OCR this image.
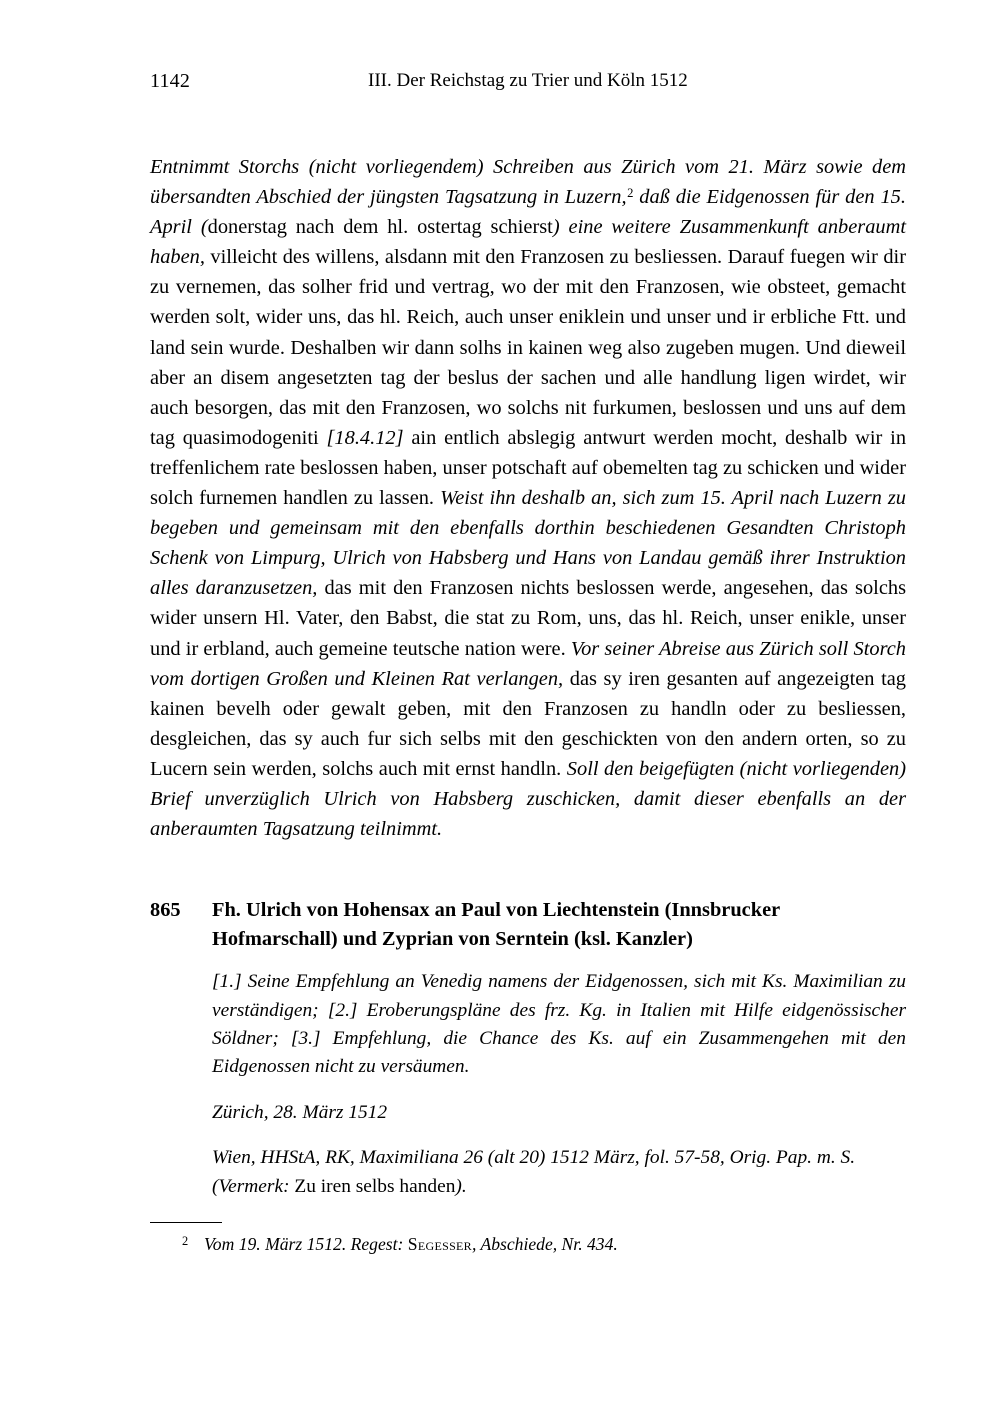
1142	III. Der Reichstag zu Trier und Köln 1512
Entnimmt Storchs (nicht vorliegendem) Schreiben aus Zürich vom 21. März sowie dem übersandten Abschied der jüngsten Tagsatzung in Luzern,$^2$ daß die Eidgenossen für den 15. April (donerstag nach dem hl. ostertag schierst) eine weitere Zusammenkunft anberaumt haben, villeicht des willens, alsdann mit den Franzosen zu besliessen. Darauf fuegen wir dir zu vernemen, das solher frid und vertrag, wo der mit den Franzosen, wie obsteet, gemacht werden solt, wider uns, das hl. Reich, auch unser eniklein und unser und ir erbliche Ftt. und land sein wurde. Deshalben wir dann solhs in kainen weg also zugeben mugen. Und dieweil aber an disem angesetzten tag der beslus der sachen und alle handlung ligen wirdet, wir auch besorgen, das mit den Franzosen, wo solchs nit furkumen, beslossen und uns auf dem tag quasimodogeniti [18.4.12] ain entlich abslegig antwurt werden mocht, deshalb wir in treffenlichem rate beslossen haben, unser potschaft auf obemelten tag zu schicken und wider solch furnemen handlen zu lassen. Weist ihn deshalb an, sich zum 15. April nach Luzern zu begeben und gemeinsam mit den ebenfalls dorthin beschiedenen Gesandten Christoph Schenk von Limpurg, Ulrich von Habsberg und Hans von Landau gemäß ihrer Instruktion alles daranzusetzen, das mit den Franzosen nichts beslossen werde, angesehen, das solchs wider unsern Hl. Vater, den Babst, die stat zu Rom, uns, das hl. Reich, unser enikle, unser und ir erbland, auch gemeine teutsche nation were. Vor seiner Abreise aus Zürich soll Storch vom dortigen Großen und Kleinen Rat verlangen, das sy iren gesanten auf angezeigten tag kainen bevelh oder gewalt geben, mit den Franzosen zu handln oder zu besliessen, desgleichen, das sy auch fur sich selbs mit den geschickten von den andern orten, so zu Lucern sein werden, solchs auch mit ernst handln. Soll den beigefügten (nicht vorliegenden) Brief unverzüglich Ulrich von Habsberg zuschicken, damit dieser ebenfalls an der anberaumten Tagsatzung teilnimmt.
865 Fh. Ulrich von Hohensax an Paul von Liechtenstein (Innsbrucker Hofmarschall) und Zyprian von Serntein (ksl. Kanzler)
[1.] Seine Empfehlung an Venedig namens der Eidgenossen, sich mit Ks. Maximilian zu verständigen; [2.] Eroberungspläne des frz. Kg. in Italien mit Hilfe eidgenössischer Söldner; [3.] Empfehlung, die Chance des Ks. auf ein Zusammengehen mit den Eidgenossen nicht zu versäumen.
Zürich, 28. März 1512
Wien, HHStA, RK, Maximiliana 26 (alt 20) 1512 März, fol. 57-58, Orig. Pap. m. S. (Vermerk: Zu iren selbs handen).
2 Vom 19. März 1512. Regest: Segesser, Abschiede, Nr. 434.
